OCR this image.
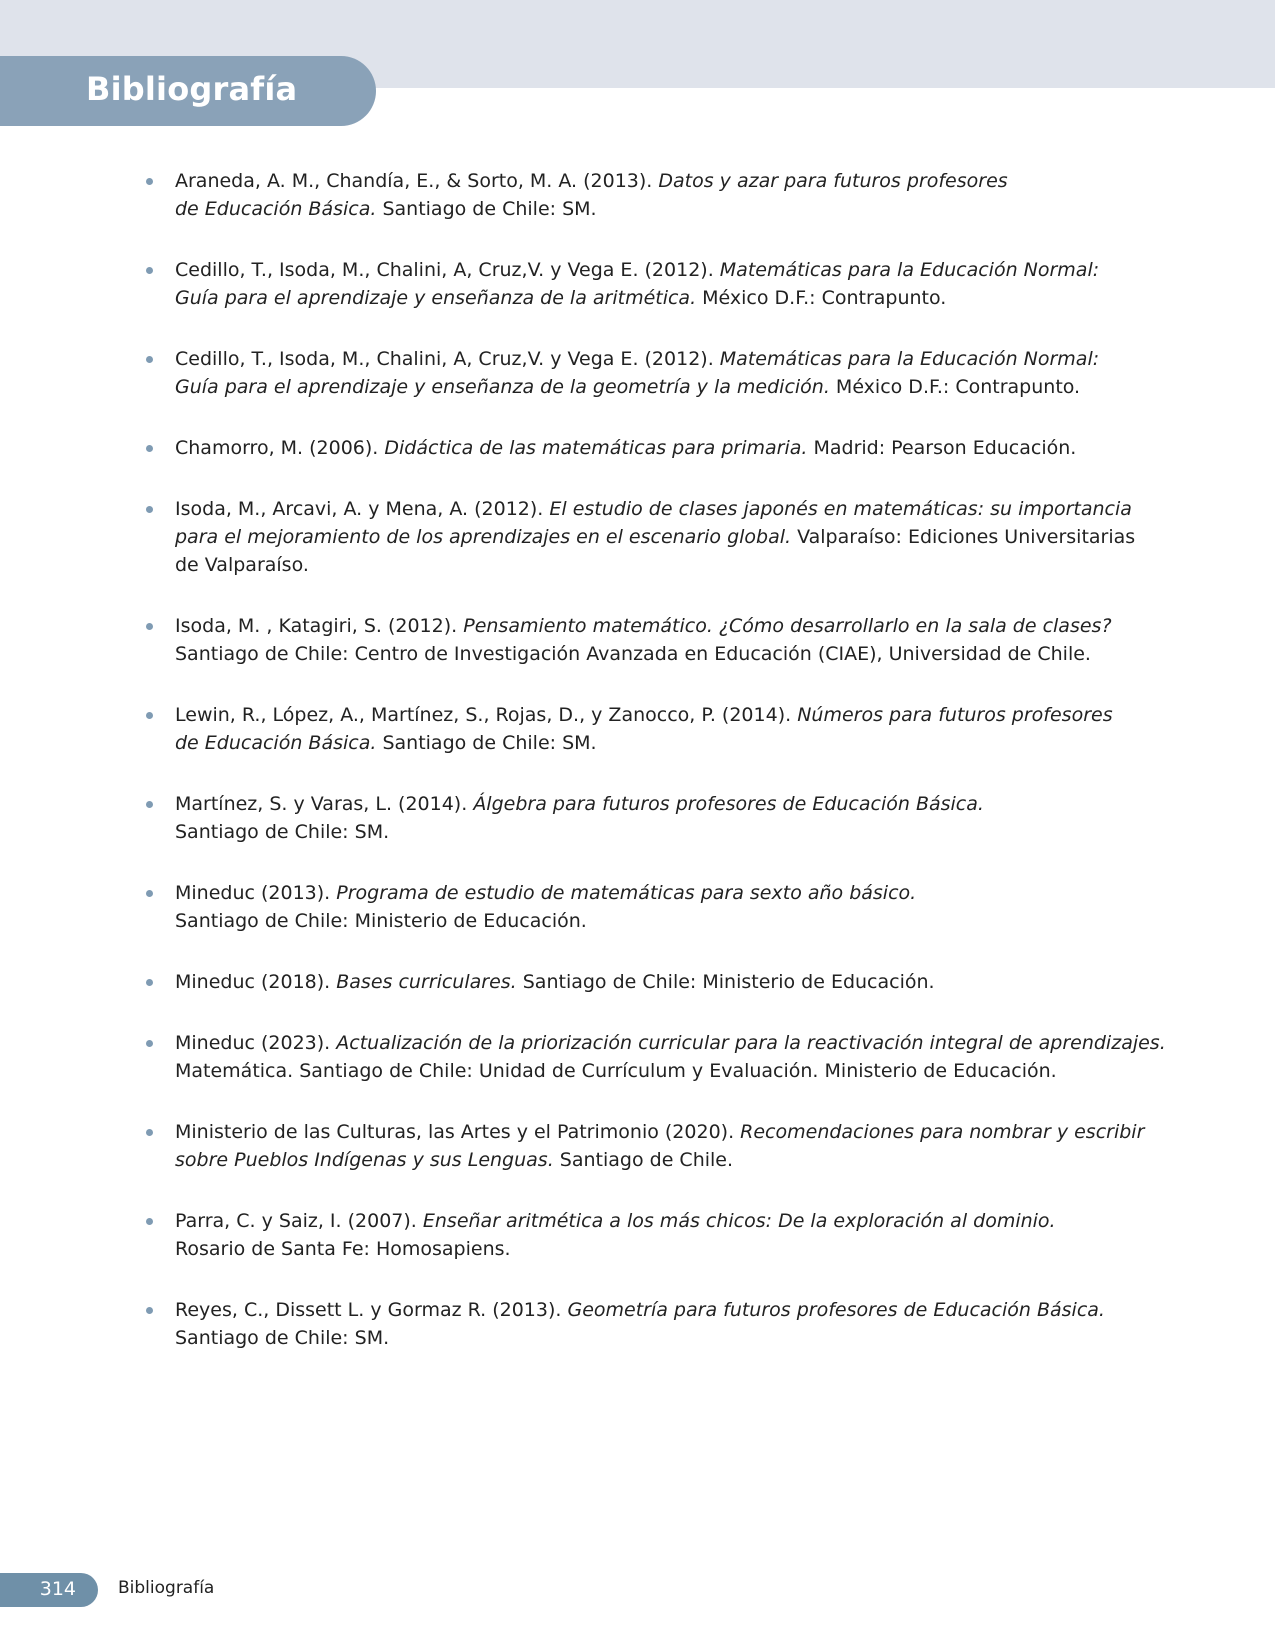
Bibliografía
Araneda, A. M., Chandía, E., & Sorto, M. A. (2013). Datos y azar para futuros profesores
de Educación Básica. Santiago de Chile: SM.
Cedillo, T., Isoda, M., Chalini, A, Cruz,V. y Vega E. (2012). Matemáticas para la Educación Normal:
Guía para el aprendizaje y enseñanza de la aritmética. México D.F.: Contrapunto.
Cedillo, T., Isoda, M., Chalini, A, Cruz,V. y Vega E. (2012). Matemáticas para la Educación Normal:
Guía para el aprendizaje y enseñanza de la geometría y la medición. México D.F.: Contrapunto.
Chamorro, M. (2006). Didáctica de las matemáticas para primaria. Madrid: Pearson Educación.
Isoda, M., Arcavi, A. y Mena, A. (2012). El estudio de clases japonés en matemáticas: su importancia
para el mejoramiento de los aprendizajes en el escenario global. Valparaíso: Ediciones Universitarias
de Valparaíso.
Isoda, M. , Katagiri, S. (2012). Pensamiento matemático. ¿Cómo desarrollarlo en la sala de clases?
Santiago de Chile: Centro de Investigación Avanzada en Educación (CIAE), Universidad de Chile.
Lewin, R., López, A., Martínez, S., Rojas, D., y Zanocco, P. (2014). Números para futuros profesores
de Educación Básica. Santiago de Chile: SM.
Martínez, S. y Varas, L. (2014). Álgebra para futuros profesores de Educación Básica.
Santiago de Chile: SM.
Mineduc (2013). Programa de estudio de matemáticas para sexto año básico.
Santiago de Chile: Ministerio de Educación.
Mineduc (2018). Bases curriculares. Santiago de Chile: Ministerio de Educación.
Mineduc (2023). Actualización de la priorización curricular para la reactivación integral de aprendizajes.
Matemática. Santiago de Chile: Unidad de Currículum y Evaluación. Ministerio de Educación.
Ministerio de las Culturas, las Artes y el Patrimonio (2020). Recomendaciones para nombrar y escribir
sobre Pueblos Indígenas y sus Lenguas. Santiago de Chile.
Parra, C. y Saiz, I. (2007). Enseñar aritmética a los más chicos: De la exploración al dominio.
Rosario de Santa Fe: Homosapiens.
Reyes, C., Dissett L. y Gormaz R. (2013). Geometría para futuros profesores de Educación Básica.
Santiago de Chile: SM.
314 Bibliografía
